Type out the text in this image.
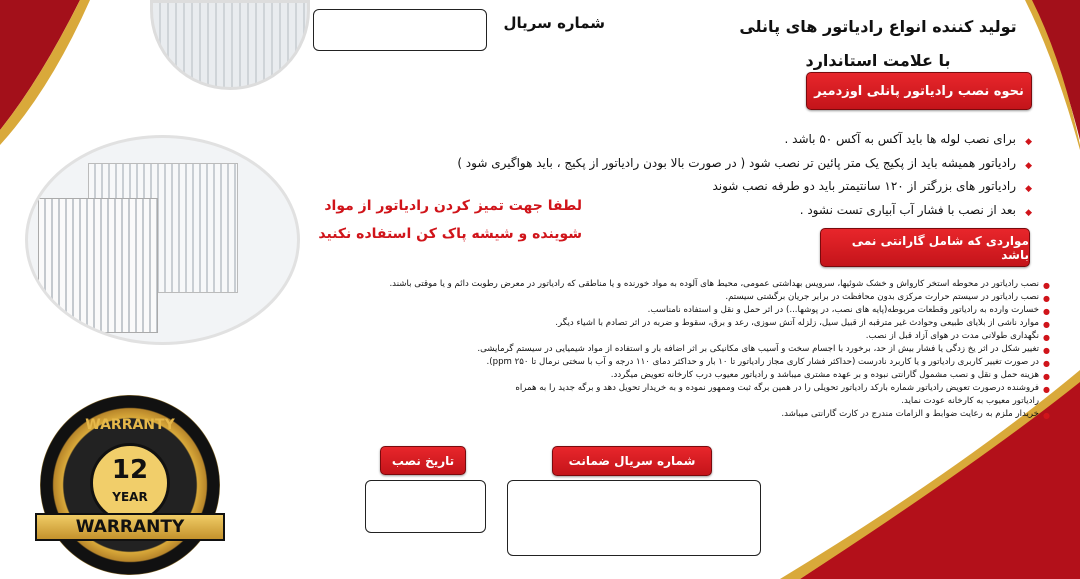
تولید کننده انواع رادیاتور های پانلی
با علامت استاندارد
شماره سریال
نحوه نصب رادیاتور پانلی اوزدمیر
◆ برای نصب لوله ها باید آکس به آکس ۵۰ باشد .
◆ رادیاتور همیشه باید از پکیج یک متر پائین تر نصب شود ( در صورت بالا بودن رادیاتور از پکیج ، باید هواگیری شود )
◆ رادیاتور های بزرگتر از ۱۲۰ سانتیمتر باید دو طرفه نصب شوند
◆ بعد از نصب با فشار آب آبیاری تست نشود .
لطفا جهت تمیز کردن رادیاتور از مواد
شوینده و شیشه پاک کن استفاده نکنید	مواردی که شامل گارانتی نمی باشد
● نصب رادیاتور در محوطه استخر کارواش و خشک شوئیها، سرویس بهداشتی عمومی، محیط های آلوده به مواد خورنده و یا مناطقی که رادیاتور در معرض رطوبت دائم و یا موقتی باشند.
● نصب رادیاتور در سیستم حرارت مرکزی بدون محافظت در برابر جریان برگشتی سیستم.
● خسارت وارده به رادیاتور وقطعات مربوطه(پایه های نصب، در پوشها...) در اثر حمل و نقل و استفاده نامناسب.
● موارد ناشی از بلایای طبیعی وحوادث غیر مترقبه از قبیل سیل، زلزله آتش سوزی، رعد و برق، سقوط و ضربه در اثر تصادم با اشیاء دیگر.
● نگهداری طولانی مدت در هوای آزاد قبل از نصب.
● تغییر شکل در اثر یخ زدگی یا فشار بیش از حد، برخورد با اجسام سخت و آسیب های مکانیکی بر اثر اضافه بار و استفاده از مواد شیمیایی در سیستم گرمایشی.
● در صورت تغییر کاربری رادیاتور و یا کاربرد نادرست (حداکثر فشار کاری مجاز رادیاتور تا ۱۰ بار و حداکثر دمای ۱۱۰ درجه و آب با سختی نرمال تا ۲۵۰ ppm).
● هزینه حمل و نقل و نصب مشمول گارانتی نبوده و بر عهده مشتری میباشد و رادیاتور معیوب درب کارخانه تعویض میگردد.
● فروشنده درصورت تعویض رادیاتور شماره بارکد رادیاتور تحویلی را در همین برگه ثبت وممهور نموده و به خریدار تحویل دهد و برگه جدید را به همراه رادیاتور معیوب به کارخانه عودت نماید.
● خریدار ملزم به رعایت ضوابط و الزامات مندرج در کارت گارانتی میباشد.
تاریخ نصب	شماره سریال ضمانت
WARRANTY
12
YEAR
WARRANTY
